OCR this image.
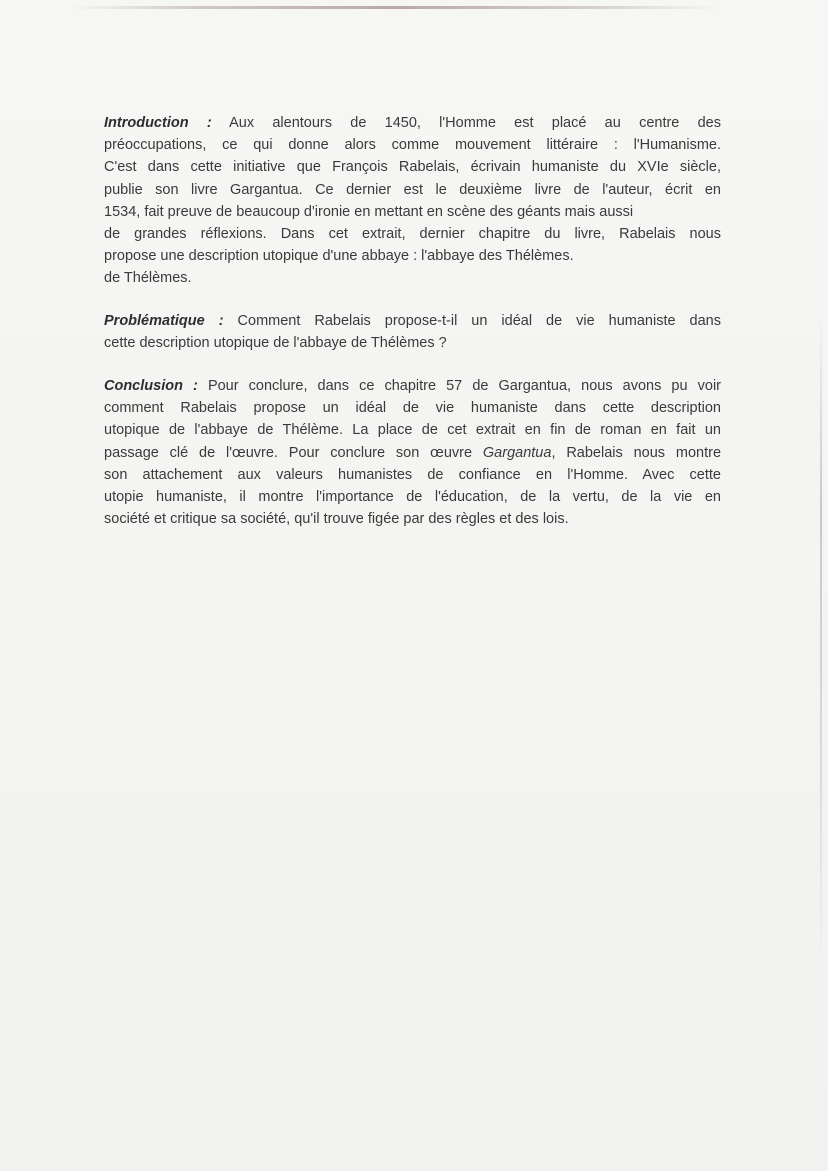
Introduction : Aux alentours de 1450, l'Homme est placé au centre des
préoccupations, ce qui donne alors comme mouvement littéraire : l'Humanisme.
C'est dans cette initiative que François Rabelais, écrivain humaniste du XVIe siècle,
publie son livre Gargantua. Ce dernier est le deuxième livre de l'auteur, écrit en
1534, fait preuve de beaucoup d'ironie en mettant en scène des géants mais aussi
de grandes réflexions. Dans cet extrait, dernier chapitre du livre, Rabelais nous
propose une description utopique d'une abbaye : l'abbaye des Thélèmes.
de Thélèmes.
Problématique : Comment Rabelais propose-t-il un idéal de vie humaniste dans
cette description utopique de l'abbaye de Thélèmes ?
Conclusion : Pour conclure, dans ce chapitre 57 de Gargantua, nous avons pu voir
comment Rabelais propose un idéal de vie humaniste dans cette description
utopique de l'abbaye de Thélème. La place de cet extrait en fin de roman en fait un
passage clé de l'œuvre. Pour conclure son œuvre Gargantua, Rabelais nous montre
son attachement aux valeurs humanistes de confiance en l'Homme. Avec cette
utopie humaniste, il montre l'importance de l'éducation, de la vertu, de la vie en
société et critique sa société, qu'il trouve figée par des règles et des lois.
